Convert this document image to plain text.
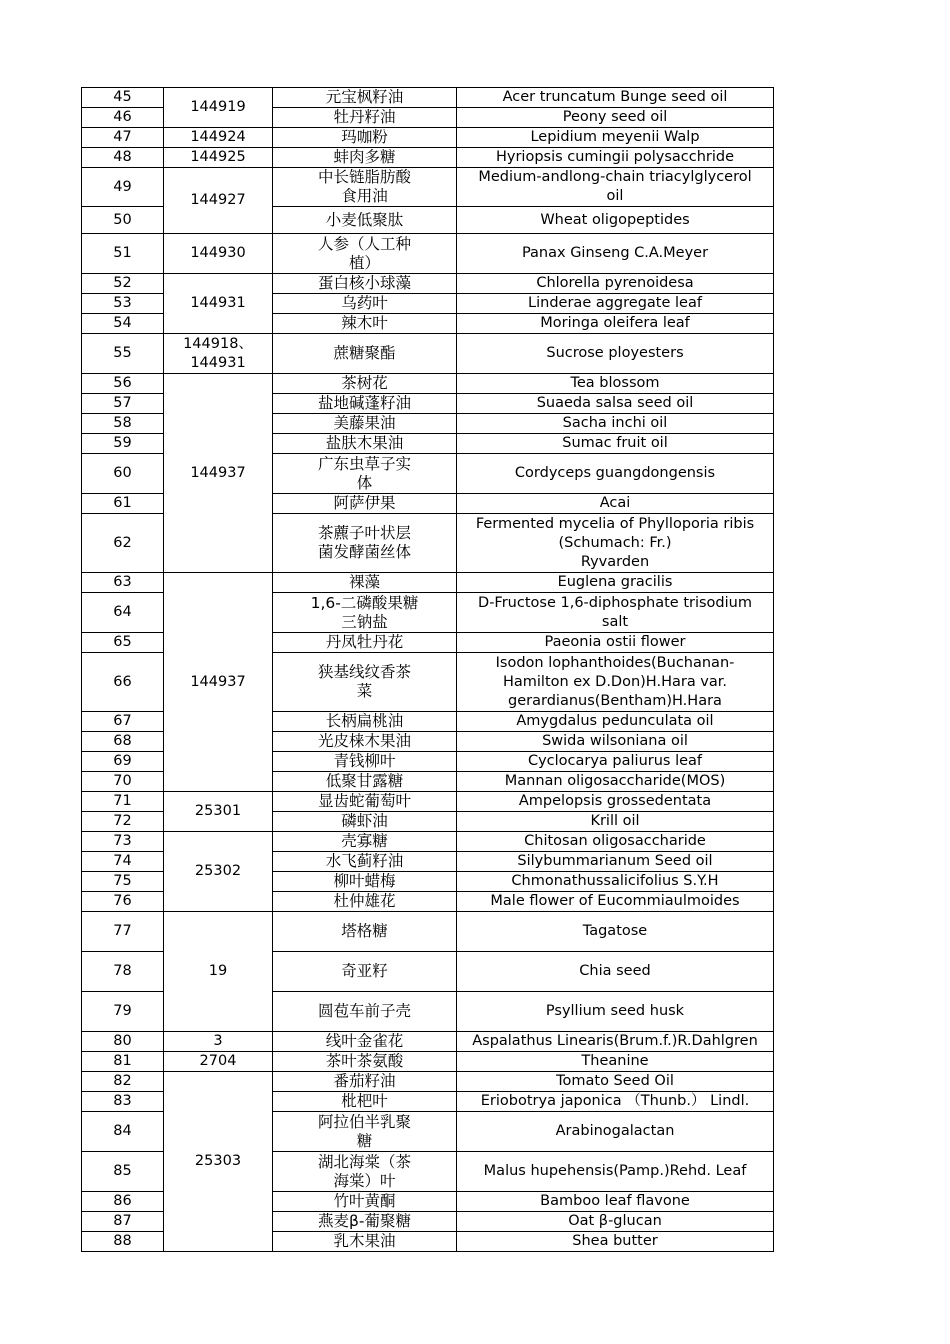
45	144919	元宝枫籽油	Acer truncatum Bunge seed oil
46		牡丹籽油	Peony seed oil
47	144924	玛咖粉	Lepidium meyenii Walp
48	144925	蚌肉多糖	Hyriopsis cumingii polysacchride
49	144927	中长链脂肪酸
食用油	Medium-andlong-chain triacylglycerol
oil
50		小麦低聚肽	Wheat oligopeptides
51	144930	人参（人工种
植）	Panax Ginseng C.A.Meyer
52	144931	蛋白核小球藻	Chlorella pyrenoidesa
53		乌药叶	Linderae aggregate leaf
54		辣木叶	Moringa oleifera leaf
55	144918、
144931	蔗糖聚酯	Sucrose ployesters
56	144937	茶树花	Tea blossom
57		盐地碱蓬籽油	Suaeda salsa seed oil
58		美藤果油	Sacha inchi oil
59		盐肤木果油	Sumac fruit oil
60		广东虫草子实
体	Cordyceps guangdongensis
61		阿萨伊果	Acai
62		茶藨子叶状层
菌发酵菌丝体	Fermented mycelia of Phylloporia ribis
(Schumach: Fr.)
Ryvarden
63	144937	裸藻	Euglena gracilis
64		1,6-二磷酸果糖
三钠盐	D-Fructose 1,6-diphosphate trisodium
salt
65		丹凤牡丹花	Paeonia ostii flower
66		狭基线纹香茶
菜	Isodon lophanthoides(Buchanan-
Hamilton ex D.Don)H.Hara var.
gerardianus(Bentham)H.Hara
67		长柄扁桃油	Amygdalus pedunculata oil
68		光皮梾木果油	Swida wilsoniana oil
69		青钱柳叶	Cyclocarya paliurus leaf
70		低聚甘露糖	Mannan oligosaccharide(MOS)
71	25301	显齿蛇葡萄叶	Ampelopsis grossedentata
72		磷虾油	Krill oil
73	25302	壳寡糖	Chitosan oligosaccharide
74		水飞蓟籽油	Silybummarianum Seed oil
75		柳叶蜡梅	Chmonathussalicifolius S.Y.H
76		杜仲雄花	Male flower of Eucommiaulmoides
77	19	塔格糖	Tagatose
78		奇亚籽	Chia seed
79		圆苞车前子壳	Psyllium seed husk
80	3	线叶金雀花	Aspalathus Linearis(Brum.f.)R.Dahlgren
81	2704	茶叶茶氨酸	Theanine
82	25303	番茄籽油	Tomato Seed Oil
83		枇杷叶	Eriobotrya japonica （Thunb.） Lindl.
84		阿拉伯半乳聚
糖	Arabinogalactan
85		湖北海棠（茶
海棠）叶	Malus hupehensis(Pamp.)Rehd. Leaf
86		竹叶黄酮	Bamboo leaf flavone
87		燕麦β-葡聚糖	Oat β-glucan
88		乳木果油	Shea butter
